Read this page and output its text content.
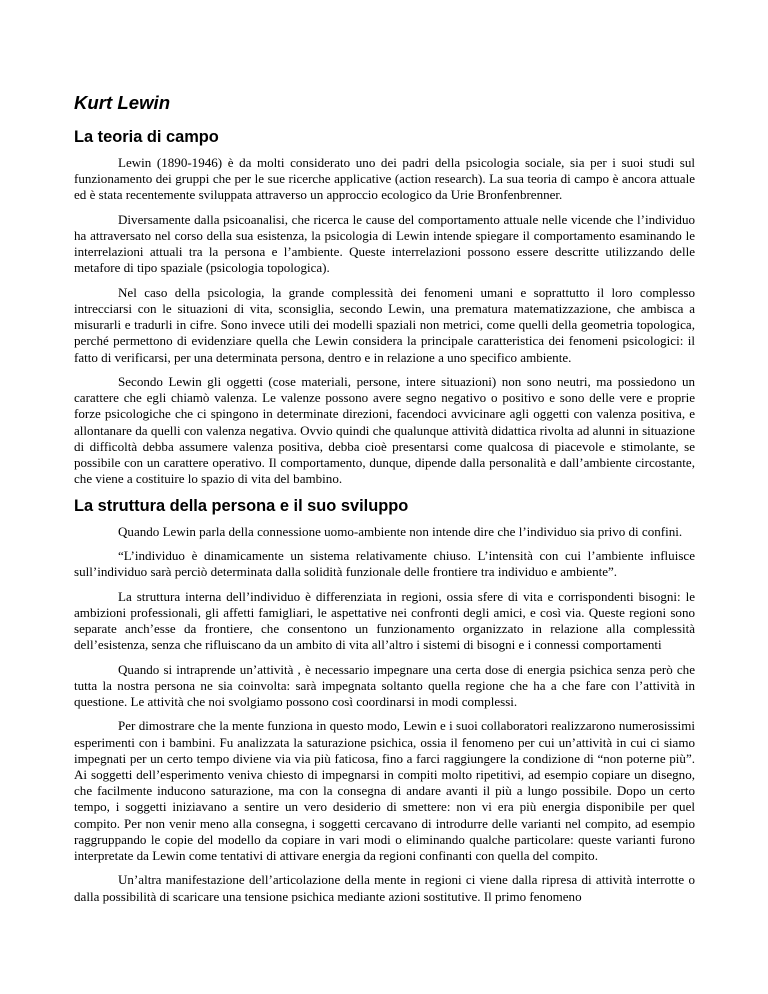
Kurt Lewin
La teoria di campo

Lewin (1890-1946) è da molti considerato uno dei padri della psicologia sociale, sia per i suoi studi sul funzionamento dei gruppi che per le sue ricerche applicative (action research). La sua teoria di campo è ancora attuale ed è stata recentemente sviluppata attraverso un approccio ecologico da Urie Bronfenbrenner.

Diversamente dalla psicoanalisi, che ricerca le cause del comportamento attuale nelle vicende che l’individuo ha attraversato nel corso della sua esistenza, la psicologia di Lewin intende spiegare il comportamento esaminando le interrelazioni attuali tra la persona e l’ambiente. Queste interrelazioni possono essere descritte utilizzando delle metafore di tipo spaziale (psicologia topologica).

Nel caso della psicologia, la grande complessità dei fenomeni umani e soprattutto il loro complesso intrecciarsi con le situazioni di vita, sconsiglia, secondo Lewin, una prematura matematizzazione, che ambisca a misurarli e tradurli in cifre. Sono invece utili dei modelli spaziali non metrici, come quelli della geometria topologica, perché permettono di evidenziare quella che Lewin considera la principale caratteristica dei fenomeni psicologici: il fatto di verificarsi, per una determinata persona, dentro e in relazione a uno specifico ambiente.

Secondo Lewin gli oggetti (cose materiali, persone, intere situazioni) non sono neutri, ma possiedono un carattere che egli chiamò valenza. Le valenze possono avere segno negativo o positivo e sono delle vere e proprie forze psicologiche che ci spingono in determinate direzioni, facendoci avvicinare agli oggetti con valenza positiva, e allontanare da quelli con valenza negativa. Ovvio quindi che qualunque attività didattica rivolta ad alunni in situazione di difficoltà debba assumere valenza positiva, debba cioè presentarsi come qualcosa di piacevole e stimolante, se possibile con un carattere operativo. Il comportamento, dunque, dipende dalla personalità e dall’ambiente circostante, che viene a costituire lo spazio di vita del bambino.

La struttura della persona e il suo sviluppo

Quando Lewin parla della connessione uomo-ambiente non intende dire che l’individuo sia privo di confini.

“L’individuo è dinamicamente un sistema relativamente chiuso. L’intensità con cui l’ambiente influisce sull’individuo sarà perciò determinata dalla solidità funzionale delle frontiere tra individuo e ambiente”.

La struttura interna dell’individuo è differenziata in regioni, ossia sfere di vita e corrispondenti bisogni: le ambizioni professionali, gli affetti famigliari, le aspettative nei confronti degli amici, e così via. Queste regioni sono separate anch’esse da frontiere, che consentono un funzionamento organizzato in relazione alla complessità dell’esistenza, senza che rifluiscano da un ambito di vita all’altro i sistemi di bisogni e i connessi comportamenti

Quando si intraprende un’attività , è necessario impegnare una certa dose di energia psichica senza però che tutta la nostra persona ne sia coinvolta: sarà impegnata soltanto quella regione che ha a che fare con l’attività in questione. Le attività che noi svolgiamo possono così coordinarsi in modi complessi.

Per dimostrare che la mente funziona in questo modo, Lewin e i suoi collaboratori realizzarono numerosissimi esperimenti con i bambini. Fu analizzata la saturazione psichica, ossia il fenomeno per cui un’attività in cui ci siamo impegnati per un certo tempo diviene via via più faticosa, fino a farci raggiungere la condizione di “non poterne più”. Ai soggetti dell’esperimento veniva chiesto di impegnarsi in compiti molto ripetitivi, ad esempio copiare un disegno, che facilmente inducono saturazione, ma con la consegna di andare avanti il più a lungo possibile. Dopo un certo tempo, i soggetti iniziavano a sentire un vero desiderio di smettere: non vi era più energia disponibile per quel compito. Per non venir meno alla consegna, i soggetti cercavano di introdurre delle varianti nel compito, ad esempio raggruppando le copie del modello da copiare in vari modi o eliminando qualche particolare: queste varianti furono interpretate da Lewin come tentativi di attivare energia da regioni confinanti con quella del compito.

Un’altra manifestazione dell’articolazione della mente in regioni ci viene dalla ripresa di attività interrotte o dalla possibilità di scaricare una tensione psichica mediante azioni sostitutive. Il primo fenomeno
